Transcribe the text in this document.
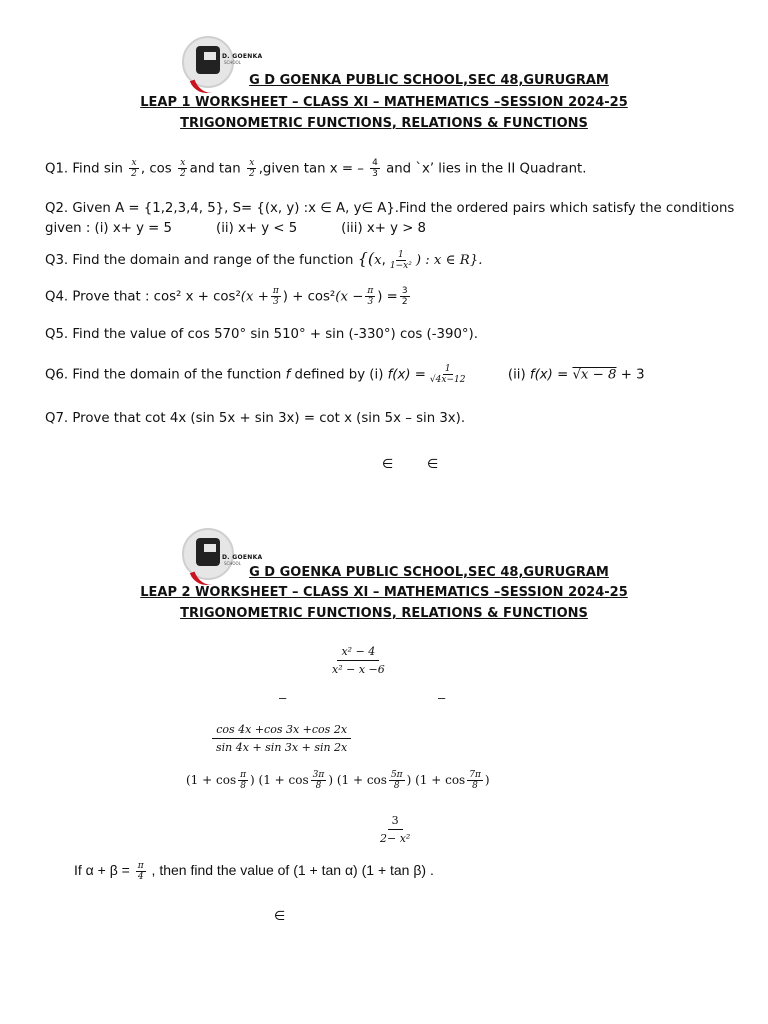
D. GOENKA
SCHOOL
G D GOENKA PUBLIC SCHOOL,SEC 48,GURUGRAM
LEAP 1 WORKSHEET – CLASS XI – MATHEMATICS –SESSION 2024-25
TRIGONOMETRIC FUNCTIONS, RELATIONS & FUNCTIONS
Q1. Find $\sin \frac{x}{2}$ , $\cos \frac{x}{2}$ and $\tan \frac{x}{2}$ ,given tan x = – $\frac{4}{3}$ and `x’ lies in the II Quadrant.
Q2. Given A = {1,2,3,4, 5}, S= {(x, y) :x ∈ A, y∈ A}.Find the ordered pairs which satisfy the conditions
given : (i) x+ y = 5	(ii) x+ y < 5	(iii) x+ y > 8
Q3. Find the domain and range of the function {(x, $\frac{1}{\text{1−x²}}$ ) : x ∈ R}.
Q4. Prove that : cos² $x + \cos^2(x + \frac{\pi}{3}$ ) + $\cos^2(x - \frac{\pi}{3}$ ) = $\frac{3}{2}$
Q5. Find the value of cos 570° sin 510° + sin (-330°) cos (-390°).
Q6. Find the domain of the function f defined by (i) $f(x) = \frac{1}{√4x-12}$	(ii) f(x) = √x − 8 + 3
Q7. Prove that cot 4x (sin 5x + sin 3x) = cot x (sin 5x – sin 3x).
∈	∈
D. GOENKA
SCHOOL
G D GOENKA PUBLIC SCHOOL,SEC 48,GURUGRAM
LEAP 2 WORKSHEET – CLASS XI – MATHEMATICS –SESSION 2024-25
TRIGONOMETRIC FUNCTIONS, RELATIONS & FUNCTIONS
$\frac{\text{x² − 4}}{\text{x² − x −6}}$
–	–
$\frac{\cos 4x +\cos 3x +\cos 2x}{\sin 4x + \sin 3x + \sin 2x}$
($1 + \cos \frac{\pi}{8}$ ) ($1 + \cos \frac{3\pi}{8}$ ) ($1 + \cos \frac{5\pi}{8}$ ) ($1 + \cos \frac{7\pi}{8}$ )
$\frac{3}{\text{2− x²}}$
If $\alpha + \beta = \frac{\pi}{4}$ , then find the value of (1 + tan α) (1 + tan β) .
∈
